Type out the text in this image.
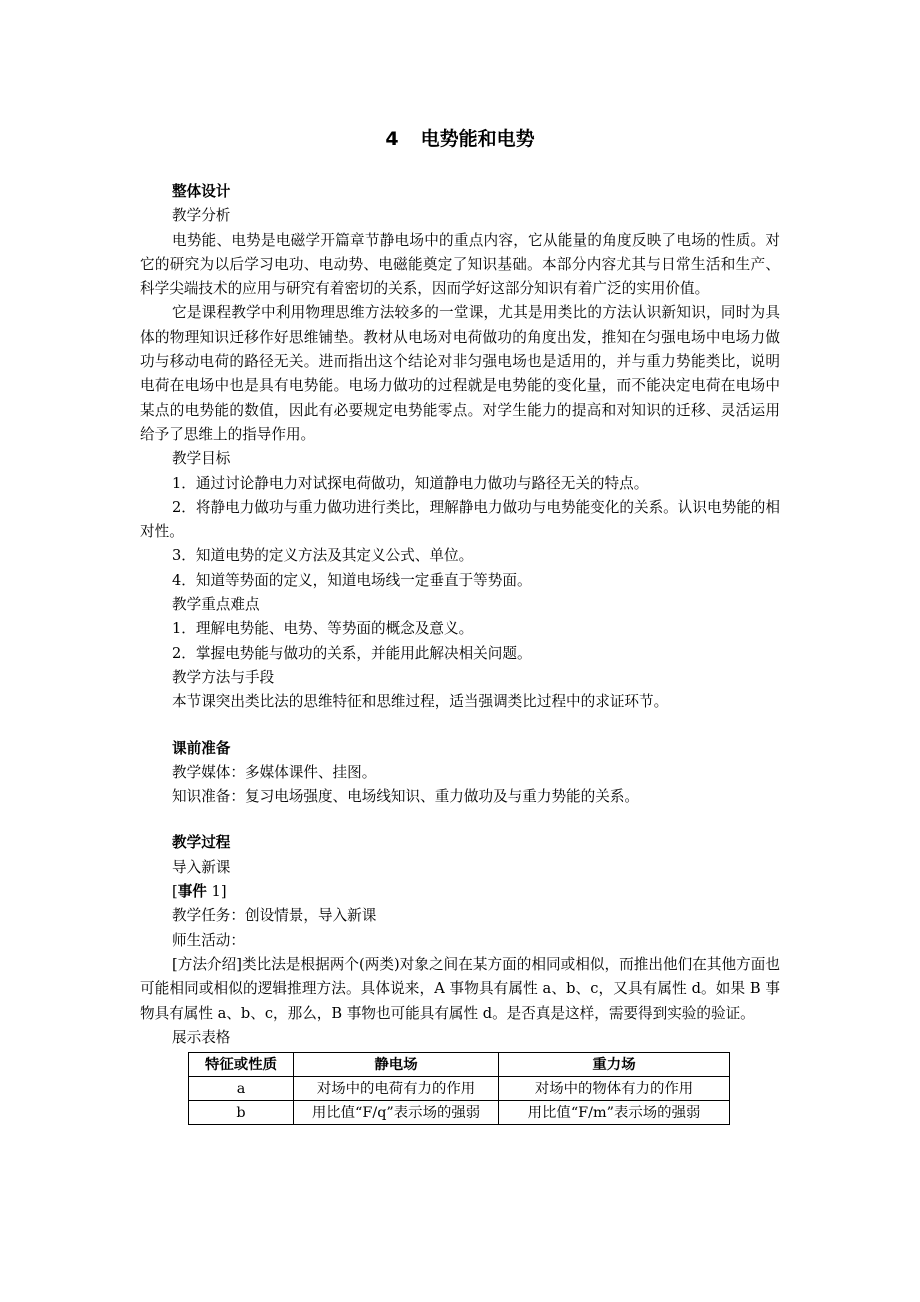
4 电势能和电势
整体设计
教学分析
电势能、电势是电磁学开篇章节静电场中的重点内容，它从能量的角度反映了电场的性质。对它的研究为以后学习电功、电动势、电磁能奠定了知识基础。本部分内容尤其与日常生活和生产、科学尖端技术的应用与研究有着密切的关系，因而学好这部分知识有着广泛的实用价值。
它是课程教学中利用物理思维方法较多的一堂课，尤其是用类比的方法认识新知识，同时为具体的物理知识迁移作好思维铺垫。教材从电场对电荷做功的角度出发，推知在匀强电场中电场力做功与移动电荷的路径无关。进而指出这个结论对非匀强电场也是适用的，并与重力势能类比，说明电荷在电场中也是具有电势能。电场力做功的过程就是电势能的变化量，而不能决定电荷在电场中某点的电势能的数值，因此有必要规定电势能零点。对学生能力的提高和对知识的迁移、灵活运用给予了思维上的指导作用。
教学目标
1．通过讨论静电力对试探电荷做功，知道静电力做功与路径无关的特点。
2．将静电力做功与重力做功进行类比，理解静电力做功与电势能变化的关系。认识电势能的相对性。
3．知道电势的定义方法及其定义公式、单位。
4．知道等势面的定义，知道电场线一定垂直于等势面。
教学重点难点
1．理解电势能、电势、等势面的概念及意义。
2．掌握电势能与做功的关系，并能用此解决相关问题。
教学方法与手段
本节课突出类比法的思维特征和思维过程，适当强调类比过程中的求证环节。
课前准备
教学媒体：多媒体课件、挂图。
知识准备：复习电场强度、电场线知识、重力做功及与重力势能的关系。
教学过程
导入新课
[事件 1]
教学任务：创设情景，导入新课
师生活动：
[方法介绍]类比法是根据两个(两类)对象之间在某方面的相同或相似，而推出他们在其他方面也可能相同或相似的逻辑推理方法。具体说来，A 事物具有属性 a、b、c，又具有属性 d。如果 B 事物具有属性 a、b、c，那么，B 事物也可能具有属性 d。是否真是这样，需要得到实验的验证。
展示表格
特征或性质	静电场	重力场
a	对场中的电荷有力的作用	对场中的物体有力的作用
b	用比值“F/q”表示场的强弱	用比值“F/m”表示场的强弱
